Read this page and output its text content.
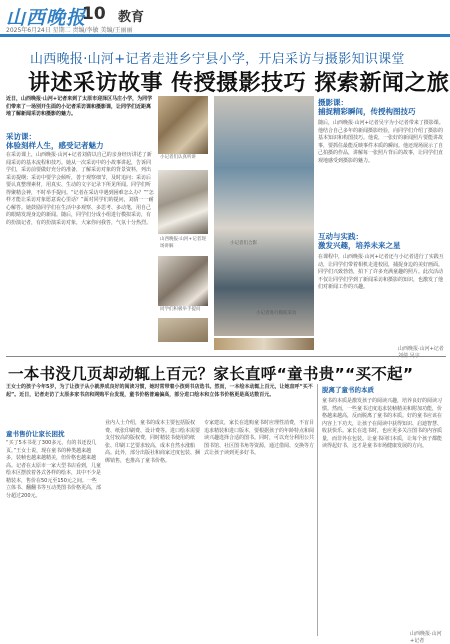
山西晚报
10 教育
2025年6月24日 星期二 责编/李敏 美编/王丽丽
山西晚报·山河+记者走进乡宁县小学，开启采访与摄影知识课堂
讲述采访故事 传授摄影技巧 探索新闻之旅
近日，山西晚报·山河+记者来到了太原市迎泽区马庄小学，为同学们带来了一场别开生面的小记者采访课和摄影课，让同学们近距离地了解新闻采访和摄影的魅力。
采访课：
体验刻样人生，感受记者魅力
在采访课上，山西晚报·山河+记者刘倩以自己的亲身经历讲述了新闻采访的基本流程和技巧。她从一次采访中的小故事讲起，告诉同学们，采访前要做好充分的准备，了解采访对象的背景资料，列出采访提纲；采访中要学会倾听，善于观察细节，及时追问；采访后要认真整理素材，用真实、生动的文字记录下所见所闻。同学们听得聚精会神，不时举手提问。“记者在采访中遇到困难怎么办？”“怎样才能让采访对象愿意说心里话？”面对同学们的提问，刘倩一一耐心解答。她鼓励同学们在生活中多观察、多思考、多动笔，用自己的眼睛发现身边的新闻。随后，同学们分成小组进行模拟采访，有的扮演记者，有的扮演采访对象，大家你问我答，气氛十分热烈。
小记者们认真听讲
山西晚报·山河+记者现场讲解
同学们积极举手提问
小记者们合影
小记者进行模拟采访
摄影课：
捕捉精彩瞬间，传授构图技巧
随后，山西晚报·山河+记者吴宇为小记者带来了摄影课。他结合自己多年的新闻摄影经验，向同学们介绍了摄影的基本知识和构图技巧。他说，一张好的新闻照片要能讲故事，要抓住最能反映事件本质的瞬间。他还现场展示了自己拍摄的作品，讲解每一张照片背后的故事，让同学们直观地感受到摄影的魅力。
互动与实践：
激发兴趣，培养未来之星
在课程中，山西晚报·山河+记者还与小记者进行了实践互动，让同学们带着相机走进校园，捕捉身边的美好画面。同学们兴致勃勃，拍下了许多充满童趣的照片。此次活动不仅让同学们学到了新闻采访和摄影的知识，也激发了他们对新闻工作的兴趣。
山西晚报·山河+记者
一本书没几页却动辄上百元？家长直呼“童书贵”“买不起”
王女士的孩子今年5岁，为了让孩子从小就养成良好的阅读习惯，她时常带着小孩到书店选书。然而，一本绘本动辄上百元，让她直呼“买不起”。近日，记者走访了太原多家书店和网购平台发现，童书价格普遍偏高，部分进口绘本和立体书价格更是高达数百元。
童书售价让家长困扰
“买了5本书花了300多元，有的书还没几页。”王女士说，现在童书的种类越来越多，装帧也越来越精美，但价格也越来越高。记者在太原市一家大型书店看到，儿童绘本区摆放着各式各样的绘本，其中不少是精装本，售价在50元至150元之间。一些立体书、翻翻书等互动类图书价格更高，部分超过200元。
业内人士介绍，童书的成本主要包括版权费、纸张印刷费、设计费等。进口绘本需要支付较高的版权费，同时精装书使用的纸张、印刷工艺要求较高，成本自然水涨船高。此外，部分出版社和商家过度包装、捆绑销售，也推高了童书价格。
专家建议，家长在选购童书时应理性消费，不盲目追求精装和进口版本，要根据孩子的年龄特点和阅读兴趣选择合适的图书。同时，可以充分利用公共图书馆、社区图书角等资源，通过借阅、交换等方式让孩子读到更多好书。
脱离了童书的本质
童书的本质是激发孩子的阅读兴趣，培养良好的阅读习惯。然而，一些童书过度追求装帧精美和附加功能，价格越来越高，反而脱离了童书的本质。好的童书应该在内容上下功夫，让孩子在阅读中获得知识、启迪智慧、收获快乐。家长在选书时，也应更多关注图书的内容质量，而非外在包装。让童书回归本质，让每个孩子都能读得起好书，这才是童书市场健康发展的方向。
山西晚报·山河+记者
